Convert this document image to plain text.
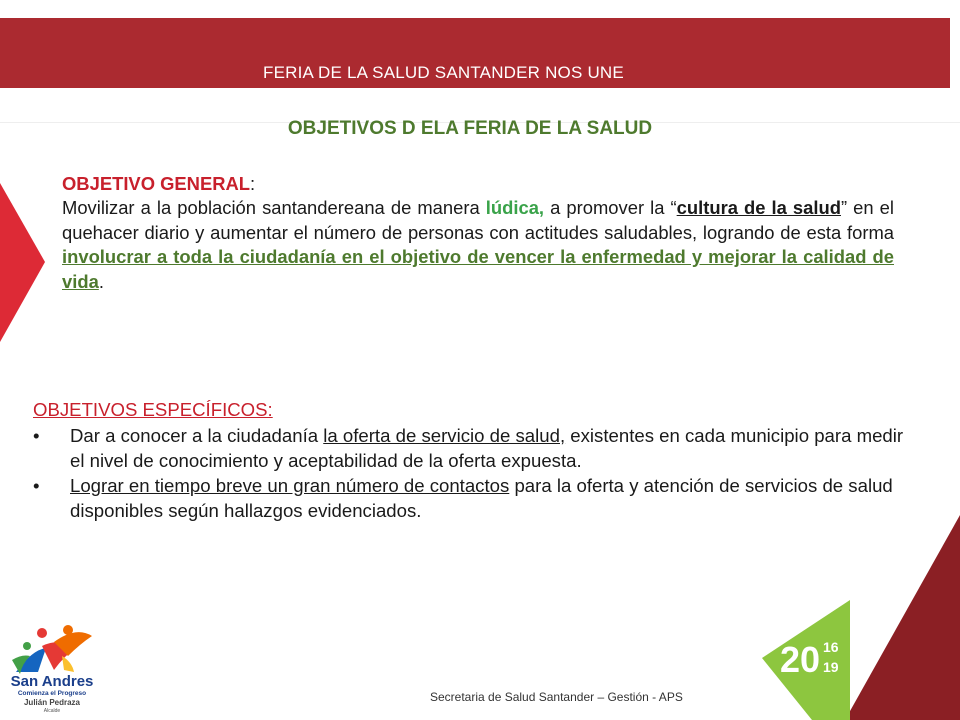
FERIA DE LA SALUD SANTANDER NOS UNE
OBJETIVOS D ELA FERIA DE LA SALUD
OBJETIVO GENERAL:
Movilizar a la población santandereana de manera lúdica, a promover la “cultura de la salud” en el quehacer diario y aumentar el número de personas con actitudes saludables, logrando de esta forma involucrar a toda la ciudadanía en el objetivo de vencer la enfermedad y mejorar la calidad de vida.
OBJETIVOS ESPECÍFICOS:
• Dar a conocer a la ciudadanía la oferta de servicio de salud, existentes en cada municipio para medir el nivel de conocimiento y aceptabilidad de la oferta expuesta.
• Lograr en tiempo breve un gran número de contactos para la oferta y atención de servicios de salud disponibles según hallazgos evidenciados.
San Andres
Comienza el Progreso
Julián Pedraza
Alcalde
Secretaria de Salud Santander – Gestión - APS
20 16
19
